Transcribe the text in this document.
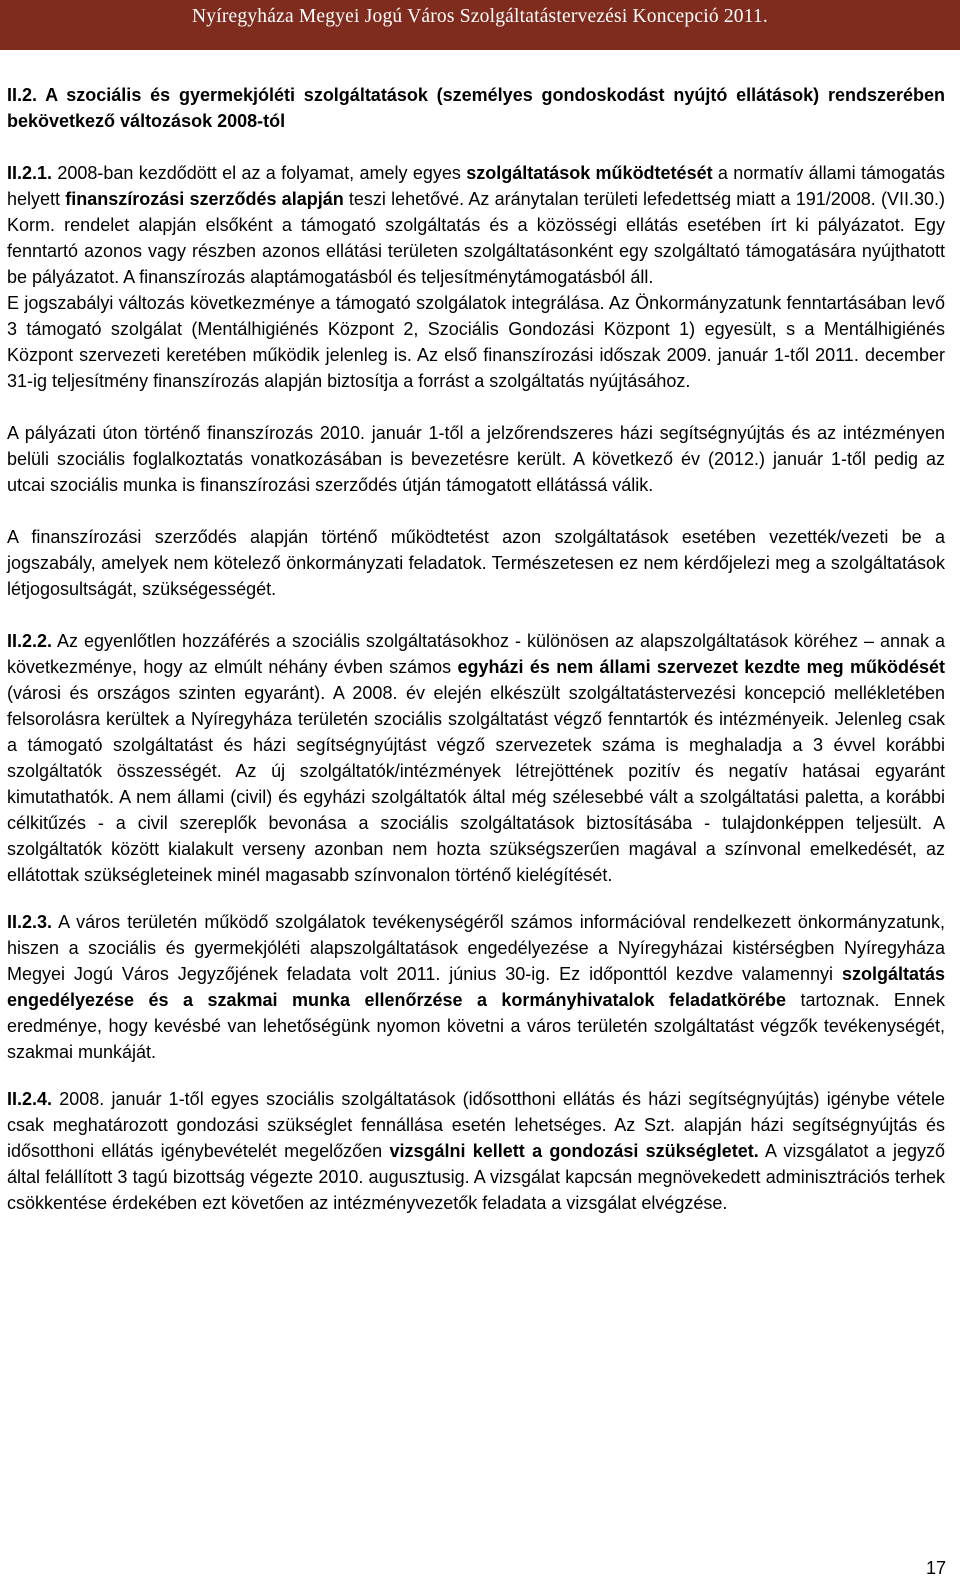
Nyíregyháza Megyei Jogú Város Szolgáltatástervezési Koncepció 2011.

II.2. A szociális és gyermekjóléti szolgáltatások (személyes gondoskodást nyújtó ellátások) rendszerében bekövetkező változások 2008-tól

II.2.1. 2008-ban kezdődött el az a folyamat, amely egyes szolgáltatások működtetését a normatív állami támogatás helyett finanszírozási szerződés alapján teszi lehetővé. Az aránytalan területi lefedettség miatt a 191/2008. (VII.30.) Korm. rendelet alapján elsőként a támogató szolgáltatás és a közösségi ellátás esetében írt ki pályázatot. Egy fenntartó azonos vagy részben azonos ellátási területen szolgáltatásonként egy szolgáltató támogatására nyújthatott be pályázatot. A finanszírozás alaptámogatásból és teljesítménytámogatásból áll.

E jogszabályi változás következménye a támogató szolgálatok integrálása. Az Önkormányzatunk fenntartásában levő 3 támogató szolgálat (Mentálhigiénés Központ 2, Szociális Gondozási Központ 1) egyesült, s a Mentálhigiénés Központ szervezeti keretében működik jelenleg is. Az első finanszírozási időszak 2009. január 1-től 2011. december 31-ig teljesítmény finanszírozás alapján biztosítja a forrást a szolgáltatás nyújtásához.

A pályázati úton történő finanszírozás 2010. január 1-től a jelzőrendszeres házi segítségnyújtás és az intézményen belüli szociális foglalkoztatás vonatkozásában is bevezetésre került. A következő év (2012.) január 1-től pedig az utcai szociális munka is finanszírozási szerződés útján támogatott ellátássá válik.

A finanszírozási szerződés alapján történő működtetést azon szolgáltatások esetében vezették/vezeti be a jogszabály, amelyek nem kötelező önkormányzati feladatok. Természetesen ez nem kérdőjelezi meg a szolgáltatások létjogosultságát, szükségességét.

II.2.2. Az egyenlőtlen hozzáférés a szociális szolgáltatásokhoz - különösen az alapszolgáltatások köréhez – annak a következménye, hogy az elmúlt néhány évben számos egyházi és nem állami szervezet kezdte meg működését (városi és országos szinten egyaránt). A 2008. év elején elkészült szolgáltatástervezési koncepció mellékletében felsorolásra kerültek a Nyíregyháza területén szociális szolgáltatást végző fenntartók és intézményeik. Jelenleg csak a támogató szolgáltatást és házi segítségnyújtást végző szervezetek száma is meghaladja a 3 évvel korábbi szolgáltatók összességét. Az új szolgáltatók/intézmények létrejöttének pozitív és negatív hatásai egyaránt kimutathatók. A nem állami (civil) és egyházi szolgáltatók által még szélesebbé vált a szolgáltatási paletta, a korábbi célkitűzés - a civil szereplők bevonása a szociális szolgáltatások biztosításába - tulajdonképpen teljesült. A szolgáltatók között kialakult verseny azonban nem hozta szükségszerűen magával a színvonal emelkedését, az ellátottak szükségleteinek minél magasabb színvonalon történő kielégítését.

II.2.3. A város területén működő szolgálatok tevékenységéről számos információval rendelkezett önkormányzatunk, hiszen a szociális és gyermekjóléti alapszolgáltatások engedélyezése a Nyíregyházai kistérségben Nyíregyháza Megyei Jogú Város Jegyzőjének feladata volt 2011. június 30-ig. Ez időponttól kezdve valamennyi szolgáltatás engedélyezése és a szakmai munka ellenőrzése a kormányhivatalok feladatkörébe tartoznak. Ennek eredménye, hogy kevésbé van lehetőségünk nyomon követni a város területén szolgáltatást végzők tevékenységét, szakmai munkáját.

II.2.4. 2008. január 1-től egyes szociális szolgáltatások (idősotthoni ellátás és házi segítségnyújtás) igénybe vétele csak meghatározott gondozási szükséglet fennállása esetén lehetséges. Az Szt. alapján házi segítségnyújtás és idősotthoni ellátás igénybevételét megelőzően vizsgálni kellett a gondozási szükségletet. A vizsgálatot a jegyző által felállított 3 tagú bizottság végezte 2010. augusztusig. A vizsgálat kapcsán megnövekedett adminisztrációs terhek csökkentése érdekében ezt követően az intézményvezetők feladata a vizsgálat elvégzése.

17
